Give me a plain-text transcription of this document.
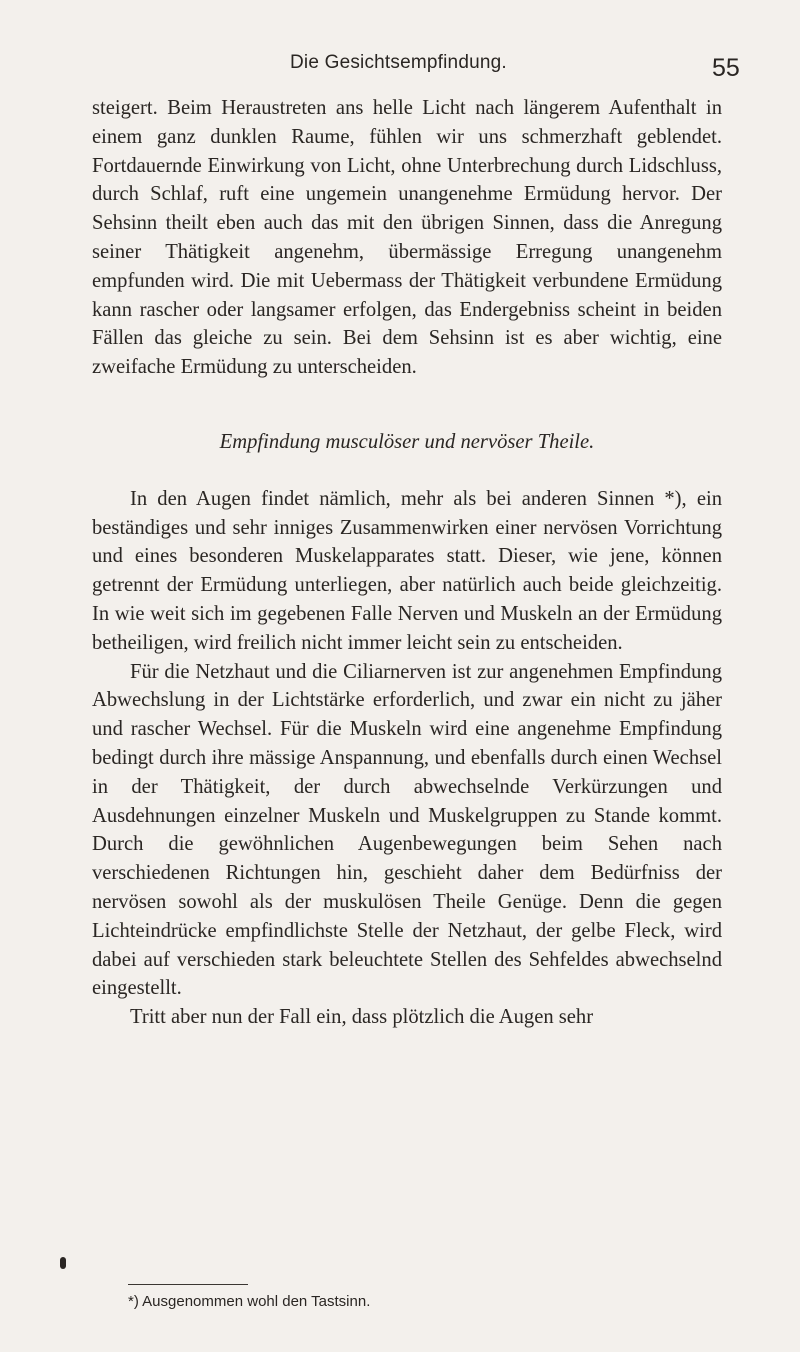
Die Gesichtsempfindung.	55

steigert. Beim Heraustreten ans helle Licht nach längerem Aufenthalt in einem ganz dunklen Raume, fühlen wir uns schmerzhaft geblendet. Fortdauernde Einwirkung von Licht, ohne Unterbrechung durch Lidschluss, durch Schlaf, ruft eine ungemein unangenehme Ermüdung hervor. Der Sehsinn theilt eben auch das mit den übrigen Sinnen, dass die Anregung seiner Thätigkeit angenehm, übermässige Erregung unangenehm empfunden wird. Die mit Uebermass der Thätigkeit verbundene Ermüdung kann rascher oder langsamer erfolgen, das Endergebniss scheint in beiden Fällen das gleiche zu sein. Bei dem Sehsinn ist es aber wichtig, eine zweifache Ermüdung zu unterscheiden.

Empfindung musculöser und nervöser Theile.

In den Augen findet nämlich, mehr als bei anderen Sinnen *), ein beständiges und sehr inniges Zusammenwirken einer nervösen Vorrichtung und eines besonderen Muskelapparates statt. Dieser, wie jene, können getrennt der Ermüdung unterliegen, aber natürlich auch beide gleichzeitig. In wie weit sich im gegebenen Falle Nerven und Muskeln an der Ermüdung betheiligen, wird freilich nicht immer leicht sein zu entscheiden.

Für die Netzhaut und die Ciliarnerven ist zur angenehmen Empfindung Abwechslung in der Lichtstärke erforderlich, und zwar ein nicht zu jäher und rascher Wechsel. Für die Muskeln wird eine angenehme Empfindung bedingt durch ihre mässige Anspannung, und ebenfalls durch einen Wechsel in der Thätigkeit, der durch abwechselnde Verkürzungen und Ausdehnungen einzelner Muskeln und Muskelgruppen zu Stande kommt. Durch die gewöhnlichen Augenbewegungen beim Sehen nach verschiedenen Richtungen hin, geschieht daher dem Bedürfniss der nervösen sowohl als der muskulösen Theile Genüge. Denn die gegen Lichteindrücke empfindlichste Stelle der Netzhaut, der gelbe Fleck, wird dabei auf verschieden stark beleuchtete Stellen des Sehfeldes abwechselnd eingestellt.

Tritt aber nun der Fall ein, dass plötzlich die Augen sehr

*) Ausgenommen wohl den Tastsinn.
